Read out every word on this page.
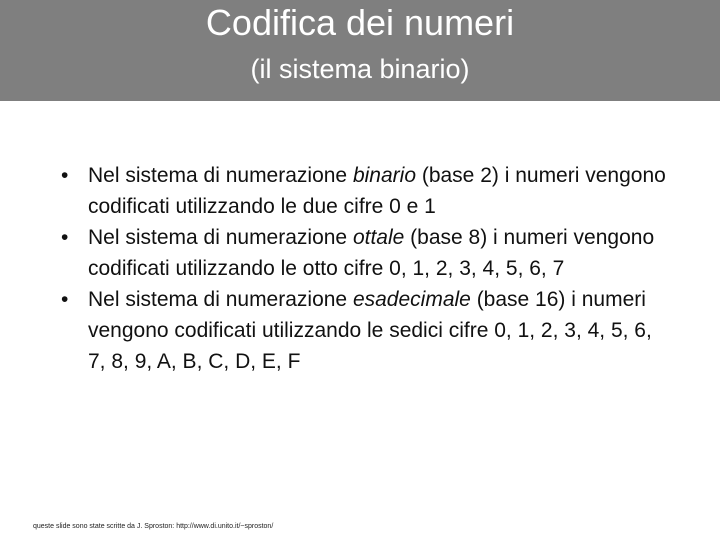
Codifica dei numeri
(il sistema binario)
• Nel sistema di numerazione binario (base 2) i numeri vengono codificati utilizzando le due cifre 0 e 1
• Nel sistema di numerazione ottale (base 8) i numeri vengono codificati utilizzando le otto cifre 0, 1, 2, 3, 4, 5, 6, 7
• Nel sistema di numerazione esadecimale (base 16) i numeri vengono codificati utilizzando le sedici cifre 0, 1, 2, 3, 4, 5, 6, 7, 8, 9, A, B, C, D, E, F
queste slide sono state scritte da J. Sproston: http://www.di.unito.it/~sproston/
